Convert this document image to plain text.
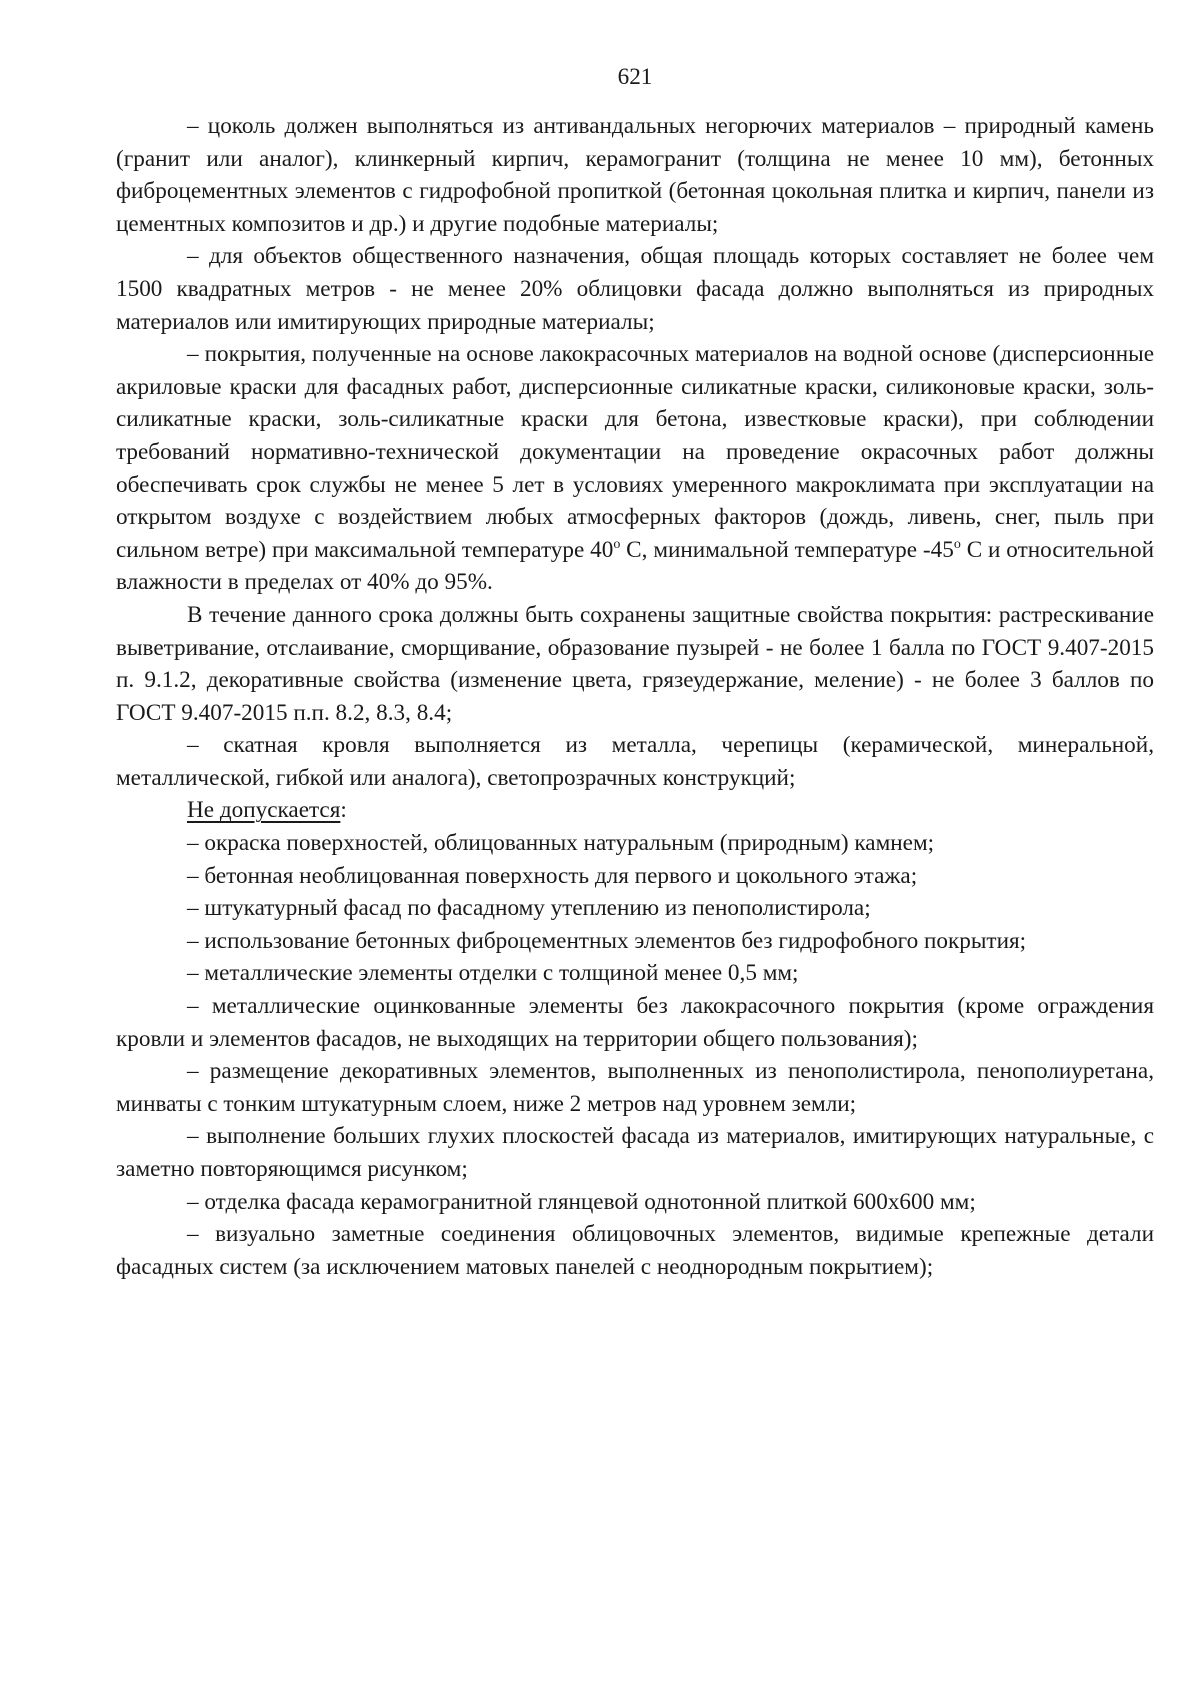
621

– цоколь должен выполняться из антивандальных негорючих материалов – природный камень (гранит или аналог), клинкерный кирпич, керамогранит (толщина не менее 10 мм), бетонных фиброцементных элементов с гидрофобной пропиткой (бетонная цокольная плитка и кирпич, панели из цементных композитов и др.) и другие подобные материалы;

– для объектов общественного назначения, общая площадь которых составляет не более чем 1500 квадратных метров - не менее 20% облицовки фасада должно выполняться из природных материалов или имитирующих природные материалы;

– покрытия, полученные на основе лакокрасочных материалов на водной основе (дисперсионные акриловые краски для фасадных работ, дисперсионные силикатные краски, силиконовые краски, золь-силикатные краски, золь-силикатные краски для бетона, известковые краски), при соблюдении требований нормативно-технической документации на проведение окрасочных работ должны обеспечивать срок службы не менее 5 лет в условиях умеренного макроклимата при эксплуатации на открытом воздухе с воздействием любых атмосферных факторов (дождь, ливень, снег, пыль при сильном ветре) при максимальной температуре $40^о$ С, минимальной температуре $-45^о$ С и относительной влажности в пределах от 40% до 95%.

В течение данного срока должны быть сохранены защитные свойства покрытия: растрескивание выветривание, отслаивание, сморщивание, образование пузырей - не более 1 балла по ГОСТ 9.407-2015 п. 9.1.2, декоративные свойства (изменение цвета, грязеудержание, меление) - не более 3 баллов по ГОСТ 9.407-2015 п.п. 8.2, 8.3, 8.4;

– скатная кровля выполняется из металла, черепицы (керамической, минеральной, металлической, гибкой или аналога), светопрозрачных конструкций;

Не допускается:

– окраска поверхностей, облицованных натуральным (природным) камнем;

– бетонная необлицованная поверхность для первого и цокольного этажа;

– штукатурный фасад по фасадному утеплению из пенополистирола;

– использование бетонных фиброцементных элементов без гидрофобного покрытия;

– металлические элементы отделки с толщиной менее 0,5 мм;

– металлические оцинкованные элементы без лакокрасочного покрытия (кроме ограждения кровли и элементов фасадов, не выходящих на территории общего пользования);

– размещение декоративных элементов, выполненных из пенополистирола, пенополиуретана, минваты с тонким штукатурным слоем, ниже 2 метров над уровнем земли;

– выполнение больших глухих плоскостей фасада из материалов, имитирующих натуральные, с заметно повторяющимся рисунком;

– отделка фасада керамогранитной глянцевой однотонной плиткой 600х600 мм;

– визуально заметные соединения облицовочных элементов, видимые крепежные детали фасадных систем (за исключением матовых панелей с неоднородным покрытием);
